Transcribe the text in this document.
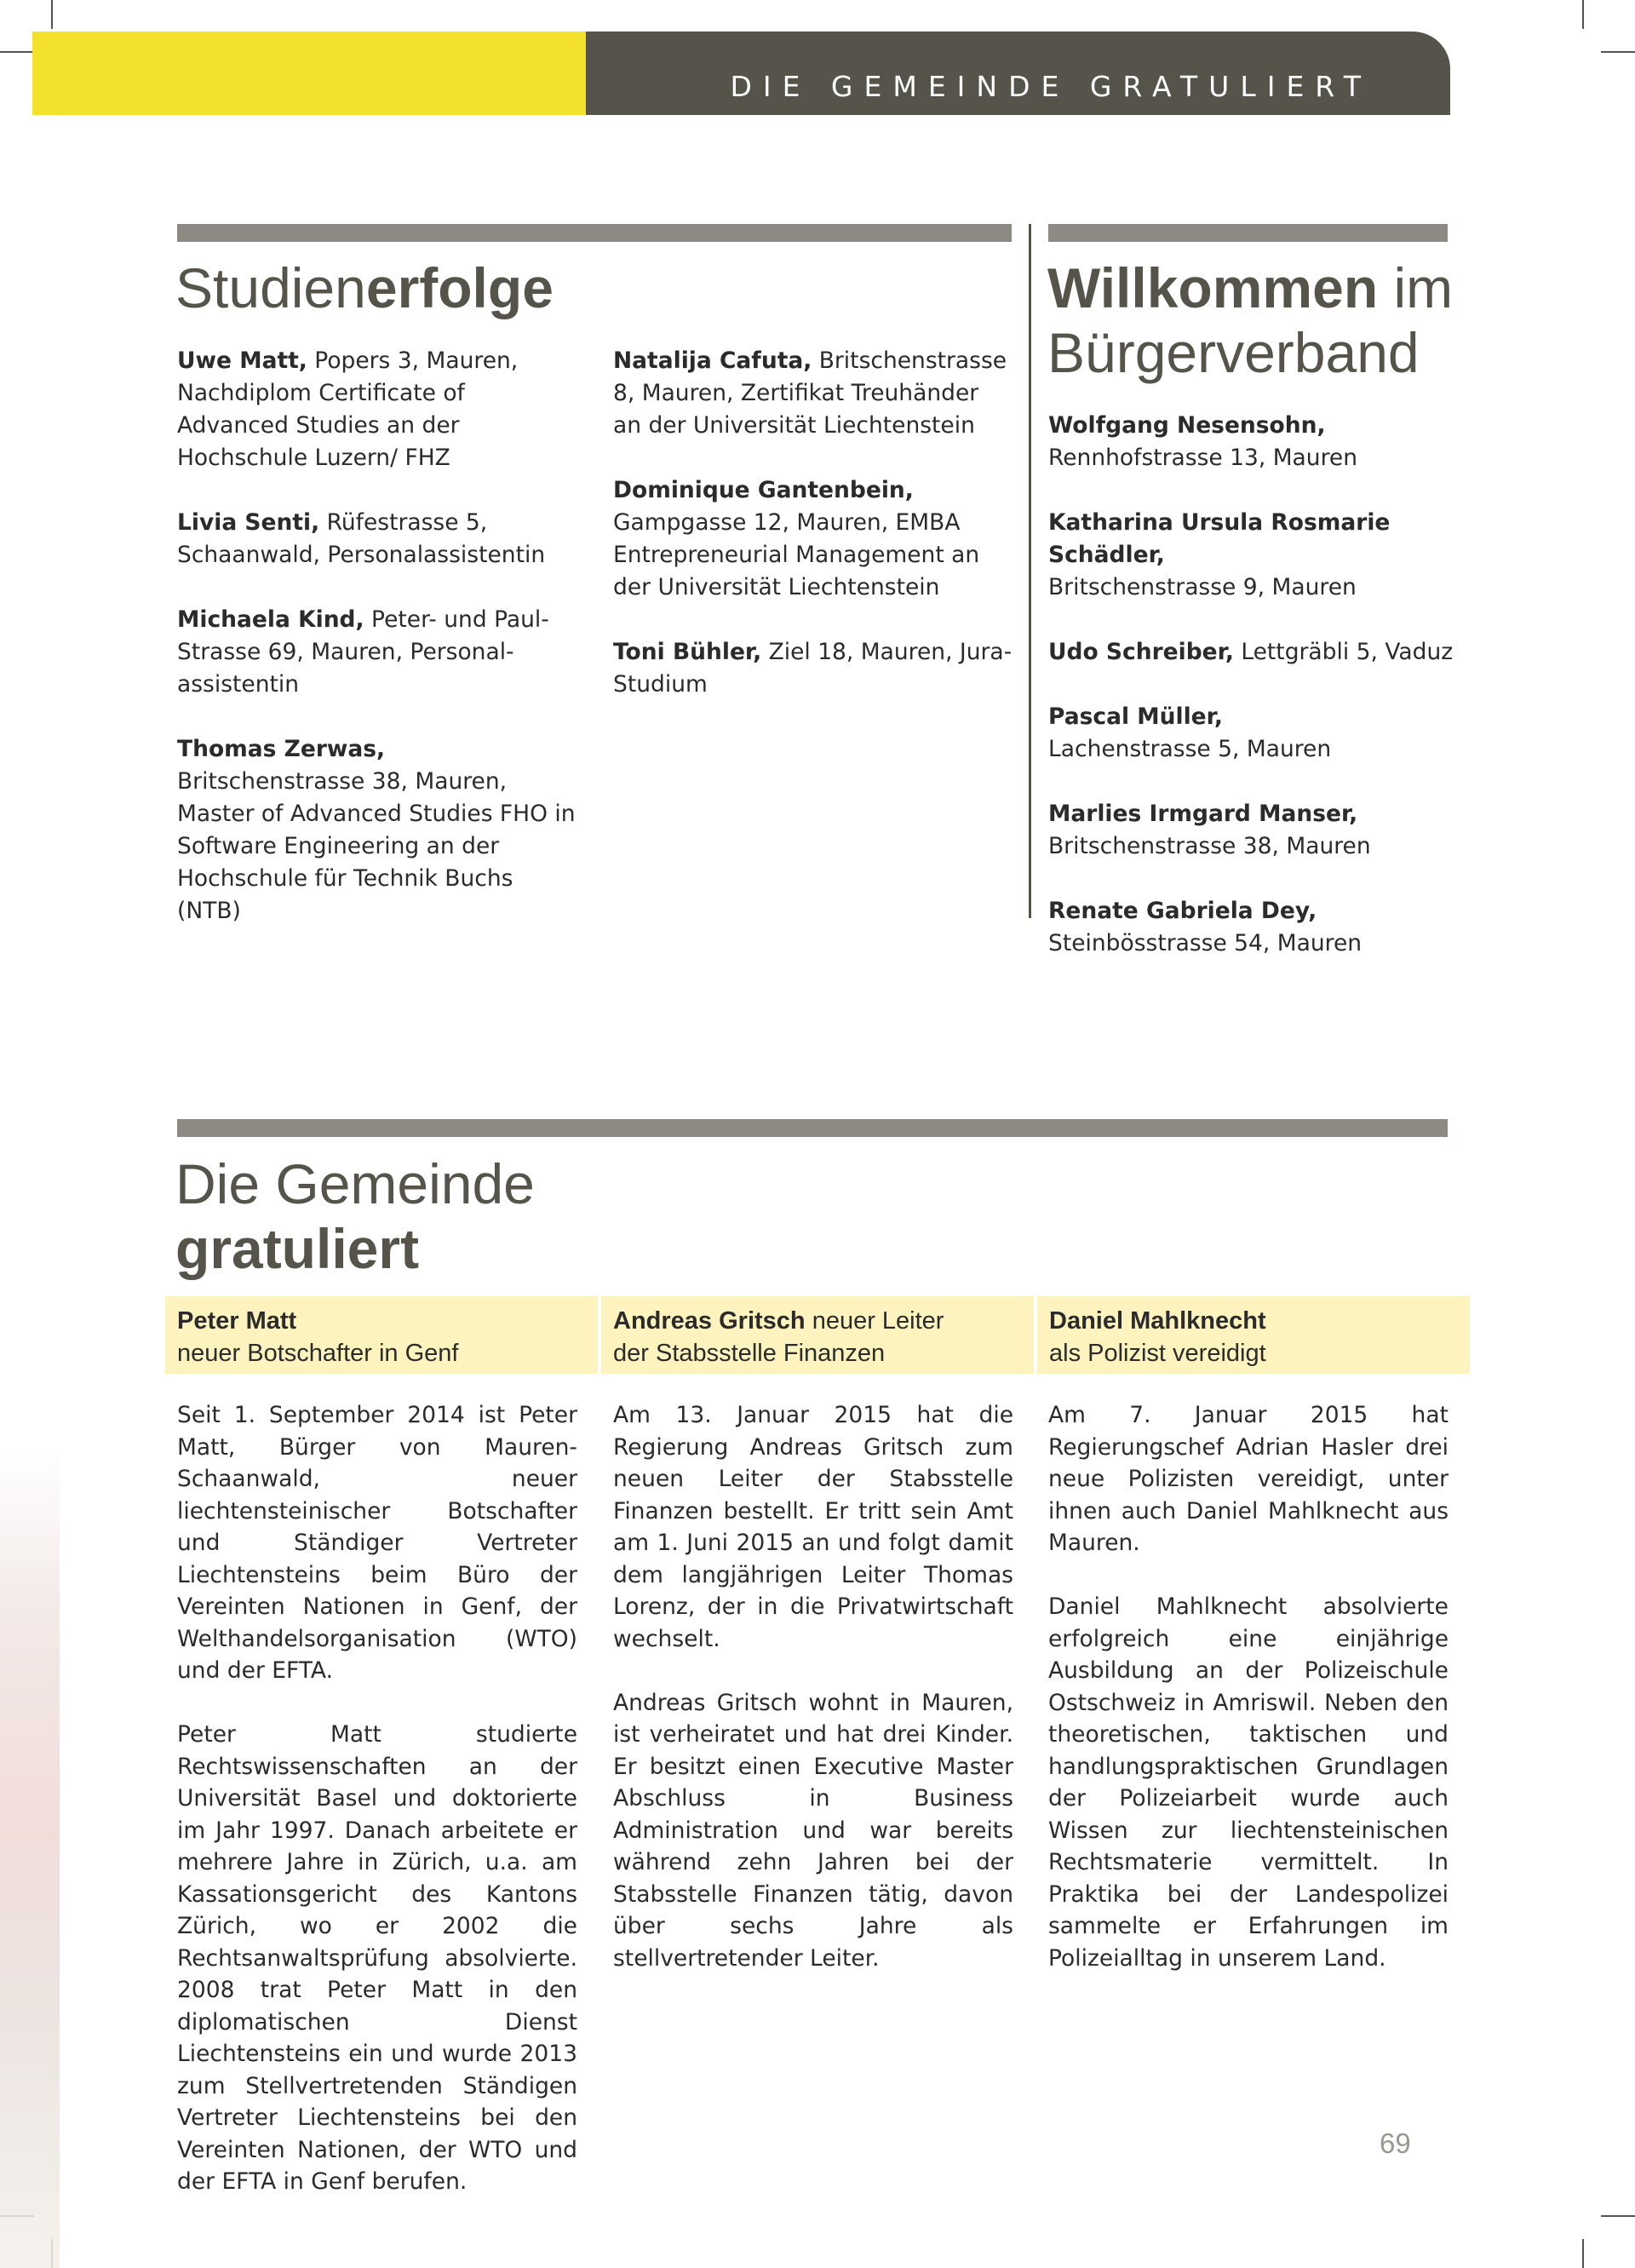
DIE GEMEINDE GRATULIERT
Studienerfolge
Uwe Matt, Popers 3, Mauren, Nachdiplom Certificate of Advanced Studies an der Hochschule Luzern/ FHZ
Livia Senti, Rüfestrasse 5, Schaanwald, Personalassistentin
Michaela Kind, Peter- und Paul-Strasse 69, Mauren, Personal-assistentin
Thomas Zerwas, Britschenstrasse 38, Mauren, Master of Advanced Studies FHO in Software Engineering an der Hochschule für Technik Buchs (NTB)
Natalija Cafuta, Britschenstrasse 8, Mauren, Zertifikat Treuhänder an der Universität Liechtenstein
Dominique Gantenbein,
Gampgasse 12, Mauren, EMBA Entrepreneurial Management an der Universität Liechtenstein
Toni Bühler, Ziel 18, Mauren, Jura-Studium
Willkommen im
Bürgerverband
Wolfgang Nesensohn,
Rennhofstrasse 13, Mauren
Katharina Ursula Rosmarie Schädler,
Britschenstrasse 9, Mauren
Udo Schreiber, Lettgräbli 5, Vaduz
Pascal Müller,
Lachenstrasse 5, Mauren
Marlies Irmgard Manser,
Britschenstrasse 38, Mauren
Renate Gabriela Dey,
Steinbösstrasse 54, Mauren
Die Gemeinde
gratuliert
Peter Matt
neuer Botschafter in Genf
Andreas Gritsch neuer Leiter
der Stabsstelle Finanzen
Daniel Mahlknecht
als Polizist vereidigt

Seit 1. September 2014 ist Peter Matt, Bürger von Mauren-Schaanwald, neuer liechtensteinischer Botschafter und Ständiger Vertreter Liechtensteins beim Büro der Vereinten Nationen in Genf, der Welthandelsorganisation (WTO) und der EFTA.

Peter Matt studierte Rechtswissenschaften an der Universität Basel und doktorierte im Jahr 1997. Danach arbeitete er mehrere Jahre in Zürich, u.a. am Kassationsgericht des Kantons Zürich, wo er 2002 die Rechtsanwaltsprüfung absolvierte. 2008 trat Peter Matt in den diplomatischen Dienst Liechtensteins ein und wurde 2013 zum Stellvertretenden Ständigen Vertreter Liechtensteins bei den Vereinten Nationen, der WTO und der EFTA in Genf berufen.

Am 13. Januar 2015 hat die Regierung Andreas Gritsch zum neuen Leiter der Stabsstelle Finanzen bestellt. Er tritt sein Amt am 1. Juni 2015 an und folgt damit dem langjährigen Leiter Thomas Lorenz, der in die Privatwirtschaft wechselt.

Andreas Gritsch wohnt in Mauren, ist verheiratet und hat drei Kinder. Er besitzt einen Executive Master Abschluss in Business Administration und war bereits während zehn Jahren bei der Stabsstelle Finanzen tätig, davon über sechs Jahre als stellvertretender Leiter.

Am 7. Januar 2015 hat Regierungschef Adrian Hasler drei neue Polizisten vereidigt, unter ihnen auch Daniel Mahlknecht aus Mauren.

Daniel Mahlknecht absolvierte erfolgreich eine einjährige Ausbildung an der Polizeischule Ostschweiz in Amriswil. Neben den theoretischen, taktischen und handlungspraktischen Grundlagen der Polizeiarbeit wurde auch Wissen zur liechtensteinischen Rechtsmaterie vermittelt. In Praktika bei der Landespolizei sammelte er Erfahrungen im Polizeialltag in unserem Land.

69
